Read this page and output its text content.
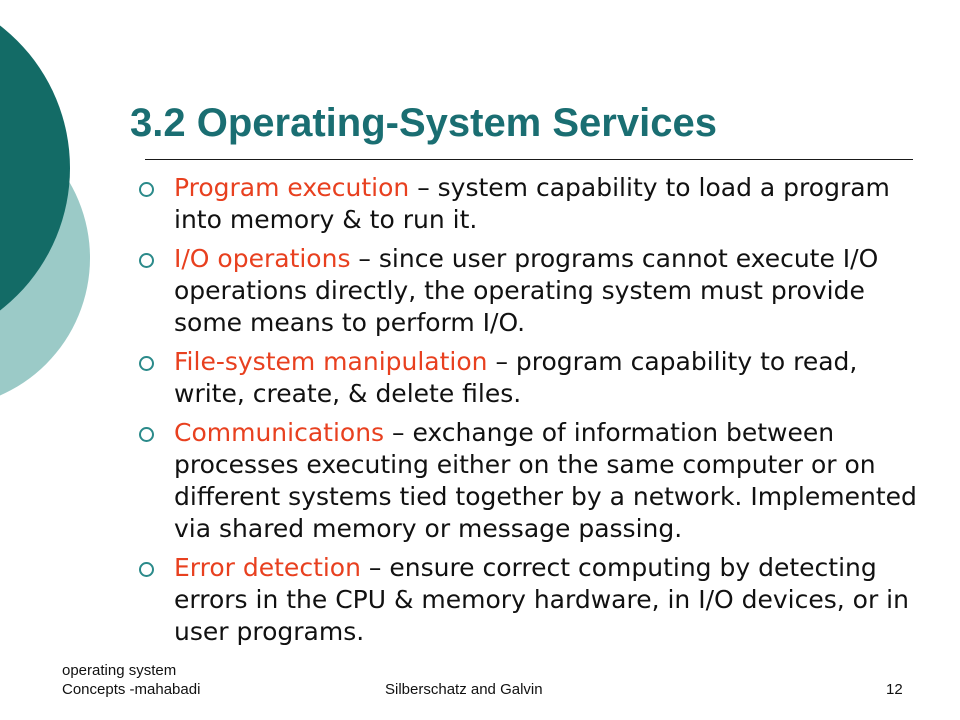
3.2 Operating-System Services
Program execution – system capability to load a program into memory & to run it.
I/O operations – since user programs cannot execute I/O operations directly, the operating system must provide some means to perform I/O.
File-system manipulation – program capability to read, write, create, & delete files.
Communications – exchange of information between processes executing either on the same computer or on different systems tied together by a network. Implemented via shared memory or message passing.
Error detection – ensure correct computing by detecting errors in the CPU & memory hardware, in I/O devices, or in user programs.
operating system
Concepts -mahabadi	Silberschatz and Galvin	12
